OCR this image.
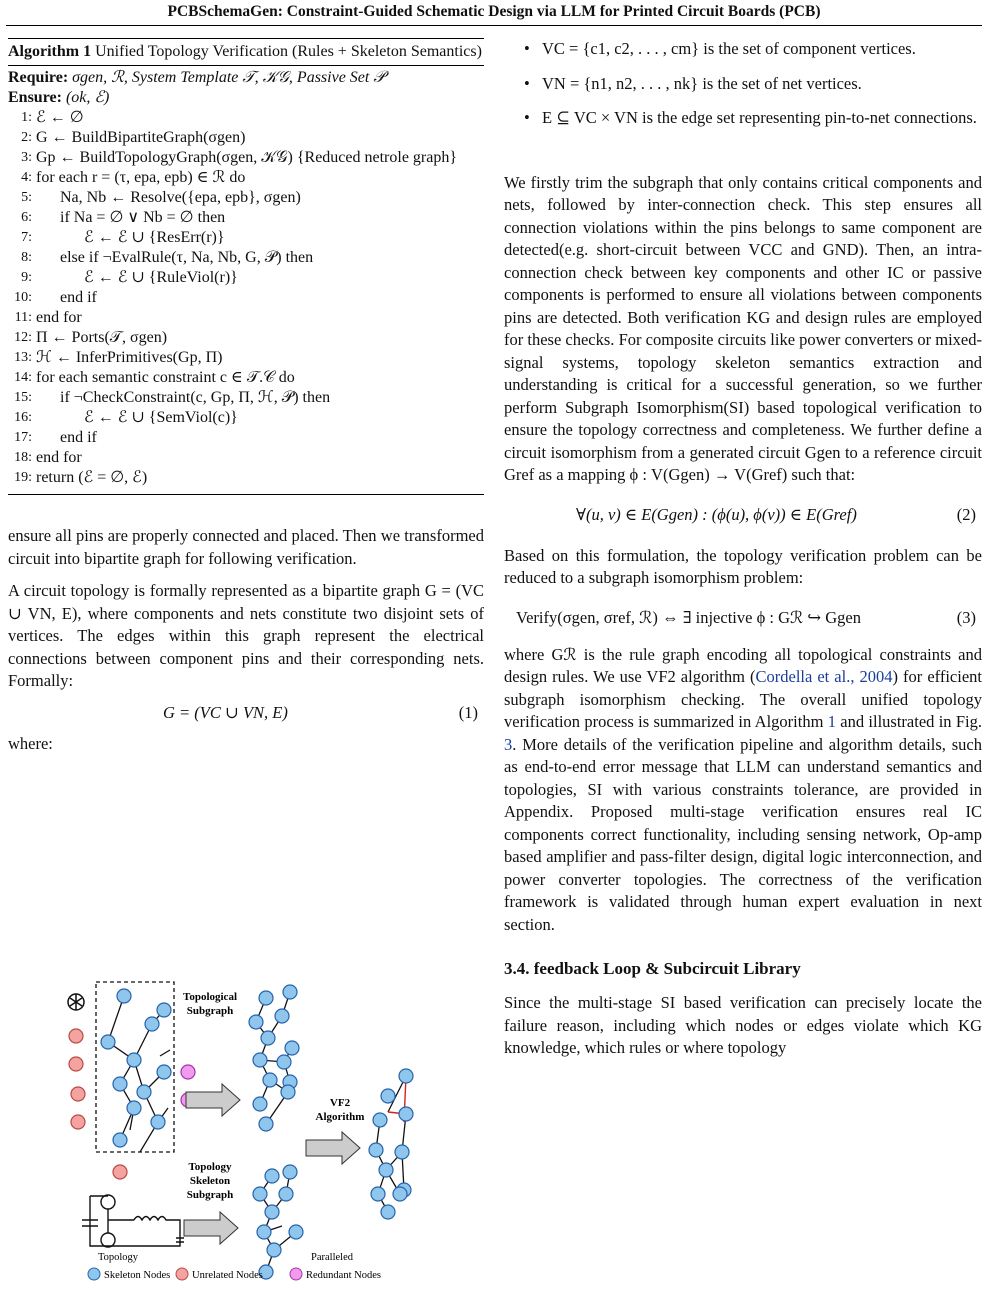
PCBSchemaGen: Constraint-Guided Schematic Design via LLM for Printed Circuit Boards (PCB)
Algorithm 1 Unified Topology Verification (Rules + Skeleton Semantics)
Require: σgen, ℛ, System Template 𝒯, 𝒦𝒢, Passive Set 𝒫
Ensure: (ok, ℰ)
1: ℰ ← ∅
2: G ← BuildBipartiteGraph(σgen)
3: Gp ← BuildTopologyGraph(σgen, 𝒦𝒢) {Reduced netrole graph}
4: for each r = (τ, epa, epb) ∈ ℛ do
5: Na, Nb ← Resolve({epa, epb}, σgen)
6: if Na = ∅ ∨ Nb = ∅ then
7:	ℰ ← ℰ ∪ {ResErr(r)}
8: else if ¬EvalRule(τ, Na, Nb, G, 𝒫) then
9:	ℰ ← ℰ ∪ {RuleViol(r)}
10: end if
11: end for
12: Π ← Ports(𝒯, σgen)
13: ℋ ← InferPrimitives(Gp, Π)
14: for each semantic constraint c ∈ 𝒯.𝒞 do
15: if ¬CheckConstraint(c, Gp, Π, ℋ, 𝒫) then
16:	ℰ ← ℰ ∪ {SemViol(c)}
17: end if
18: end for
19: return (ℰ = ∅, ℰ)

ensure all pins are properly connected and placed. Then we transformed circuit into bipartite graph for following verification.

A circuit topology is formally represented as a bipartite graph G = (VC ∪ VN, E), where components and nets constitute two disjoint sets of vertices. The edges within this graph represent the electrical connections between component pins and their corresponding nets. Formally:

G = (VC ∪ VN, E)	(1)

where:

Topological
Subgraph
VF2
Algorithm
Topology
Skeleton
Subgraph
Topology
Skeleton Nodes Unrelated Nodes
Paralleled
Redundant Nodes
• VC = {c1, c2, . . . , cm} is the set of component vertices.
• VN = {n1, n2, . . . , nk} is the set of net vertices.
• E ⊆ VC × VN is the edge set representing pin-to-net connections.

We firstly trim the subgraph that only contains critical components and nets, followed by inter-connection check. This step ensures all connection violations within the pins belongs to same component are detected(e.g. short-circuit between VCC and GND). Then, an intra-connection check between key components and other IC or passive components is performed to ensure all violations between components pins are detected. Both verification KG and design rules are employed for these checks. For composite circuits like power converters or mixed-signal systems, topology skeleton semantics extraction and understanding is critical for a successful generation, so we further perform Subgraph Isomorphism(SI) based topological verification to ensure the topology correctness and completeness. We further define a circuit isomorphism from a generated circuit Ggen to a reference circuit Gref as a mapping ϕ : V(Ggen) → V(Gref) such that:

∀(u, v) ∈ E(Ggen) : (ϕ(u), ϕ(v)) ∈ E(Gref)	(2)

Based on this formulation, the topology verification problem can be reduced to a subgraph isomorphism problem:

Verify(σgen, σref, ℛ) ⇔ ∃ injective ϕ : Gℛ ↪ Ggen	(3)

where Gℛ is the rule graph encoding all topological constraints and design rules. We use VF2 algorithm (Cordella et al., 2004) for efficient subgraph isomorphism checking. The overall unified topology verification process is summarized in Algorithm 1 and illustrated in Fig. 3. More details of the verification pipeline and algorithm details, such as end-to-end error message that LLM can understand semantics and topologies, SI with various constraints tolerance, are provided in Appendix. Proposed multi-stage verification ensures real IC components correct functionality, including sensing network, Op-amp based amplifier and pass-filter design, digital logic interconnection, and power converter topologies. The correctness of the verification framework is validated through human expert evaluation in next section.

3.4. feedback Loop & Subcircuit Library

Since the multi-stage SI based verification can precisely locate the failure reason, including which nodes or edges violate which KG knowledge, which rules or where topology
